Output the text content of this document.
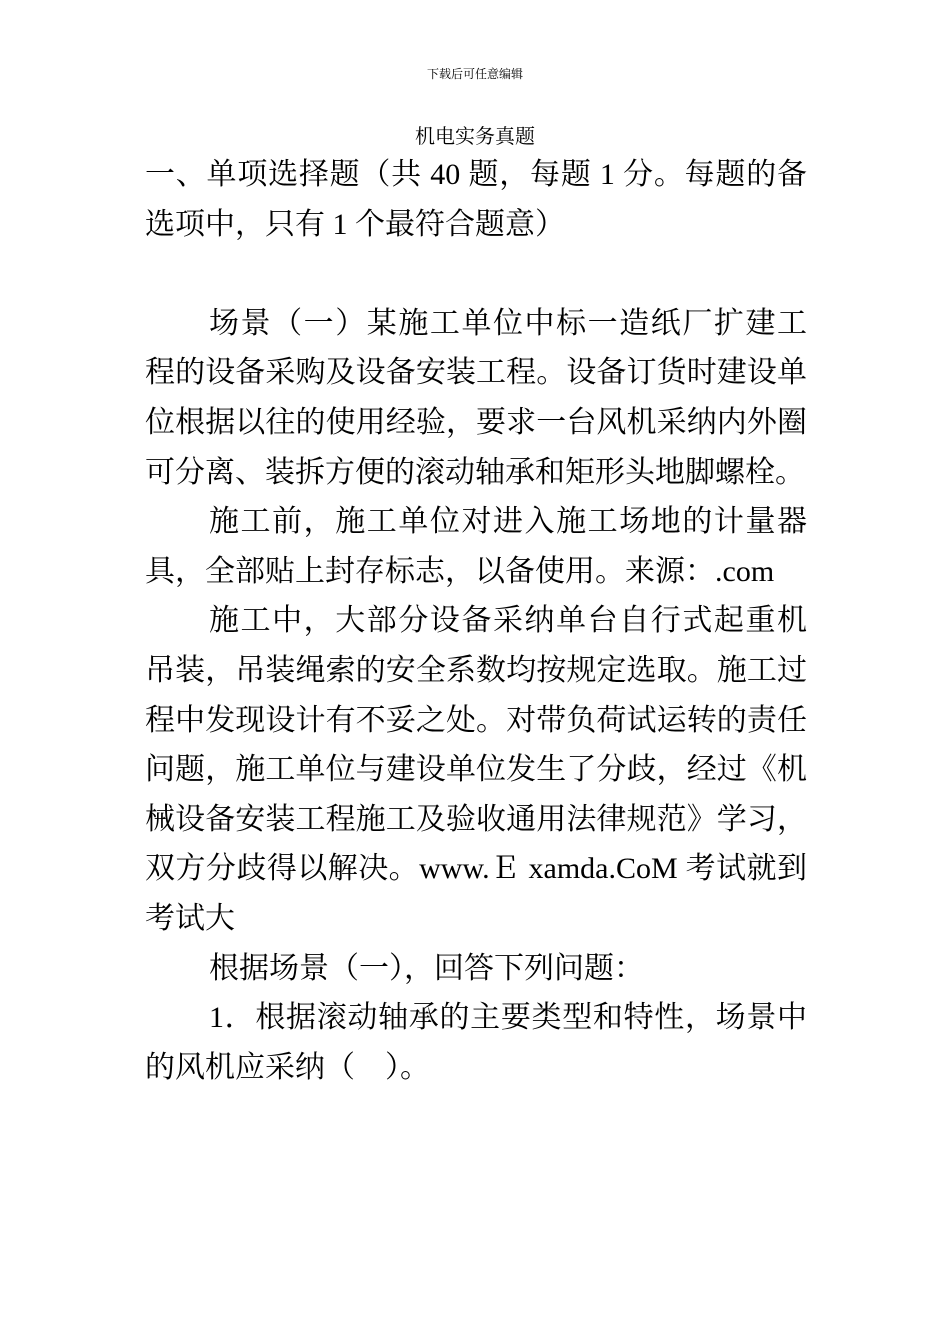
下载后可任意编辑
机电实务真题

一、单项选择题（共 40 题，每题 1 分。每题的备选项中，只有 1 个最符合题意）

场景（一）某施工单位中标一造纸厂扩建工程的设备采购及设备安装工程。设备订货时建设单位根据以往的使用经验，要求一台风机采纳内外圈可分离、装拆方便的滚动轴承和矩形头地脚螺栓。

施工前，施工单位对进入施工场地的计量器具，全部贴上封存标志，以备使用。来源：.com

施工中，大部分设备采纳单台自行式起重机吊装，吊装绳索的安全系数均按规定选取。施工过程中发现设计有不妥之处。对带负荷试运转的责任问题，施工单位与建设单位发生了分歧，经过《机械设备安装工程施工及验收通用法律规范》学习，双方分歧得以解决。www.Ｅ xamda.CoM 考试就到考试大

根据场景（一），回答下列问题：

1．根据滚动轴承的主要类型和特性，场景中的风机应采纳（　）。
